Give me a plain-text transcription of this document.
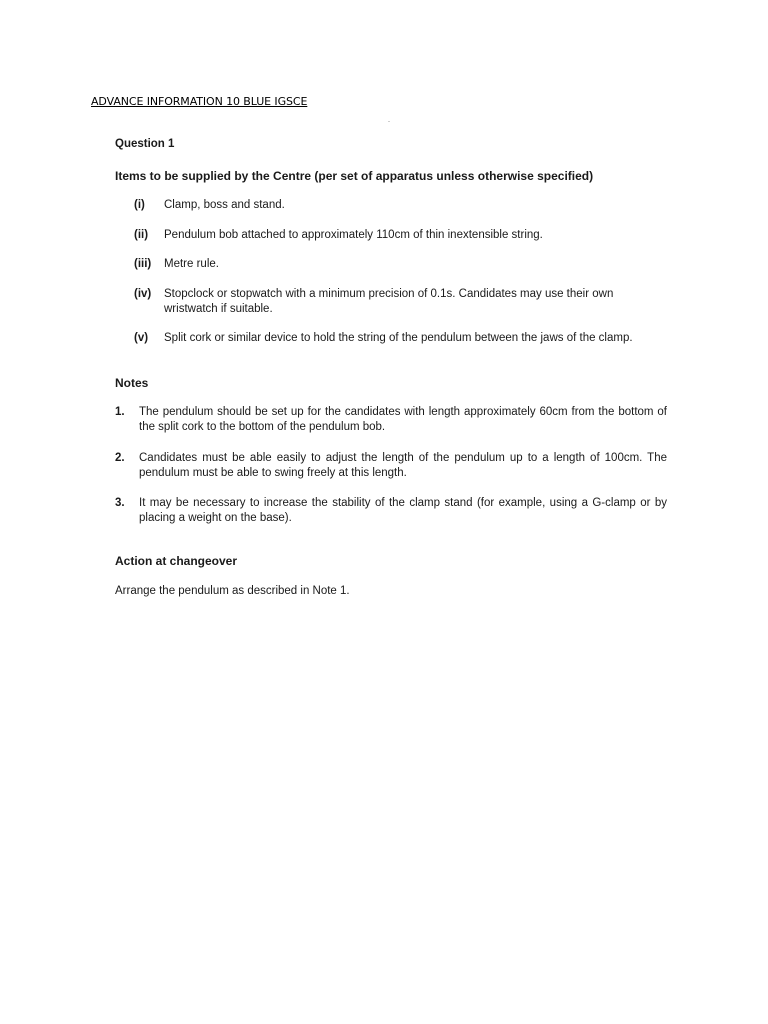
ADVANCE INFORMATION 10 BLUE IGSCE
Question 1
Items to be supplied by the Centre (per set of apparatus unless otherwise specified)
(i) Clamp, boss and stand.
(ii) Pendulum bob attached to approximately 110cm of thin inextensible string.
(iii) Metre rule.
(iv) Stopclock or stopwatch with a minimum precision of 0.1s. Candidates may use their own wristwatch if suitable.
(v) Split cork or similar device to hold the string of the pendulum between the jaws of the clamp.
Notes
1. The pendulum should be set up for the candidates with length approximately 60cm from the bottom of the split cork to the bottom of the pendulum bob.
2. Candidates must be able easily to adjust the length of the pendulum up to a length of 100cm. The pendulum must be able to swing freely at this length.
3. It may be necessary to increase the stability of the clamp stand (for example, using a G-clamp or by placing a weight on the base).
Action at changeover
Arrange the pendulum as described in Note 1.
